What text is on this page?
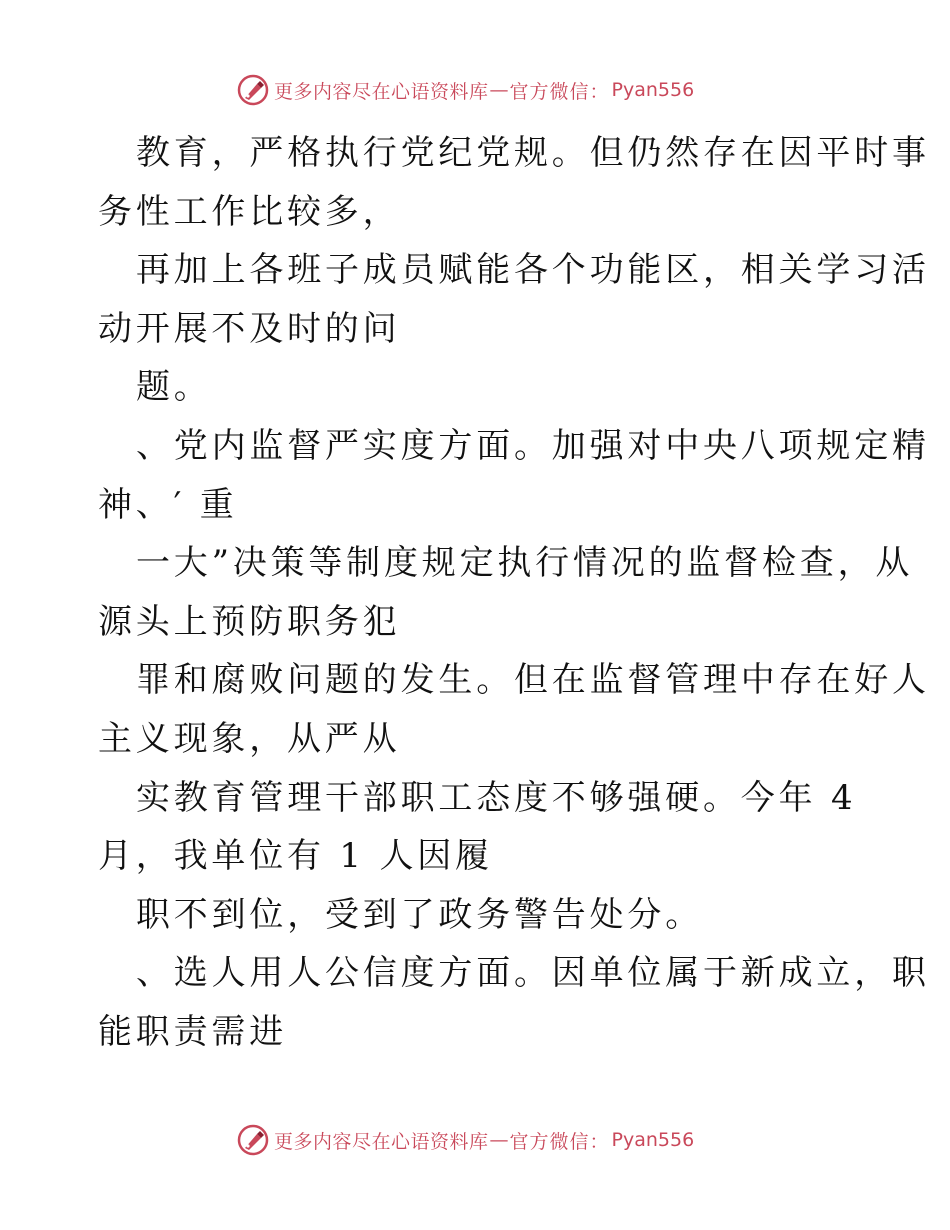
更多内容尽在心语资料库 — 官方微信： Pyan556
教育，严格执行党纪党规。但仍然存在因平时事
务性工作比较多，
再加上各班子成员赋能各个功能区，相关学习活
动开展不及时的问
题。
、党内监督严实度方面。加强对中央八项规定精
神、′ 重
一大”决策等制度规定执行情况的监督检查，从
源头上预防职务犯
罪和腐败问题的发生。但在监督管理中存在好人
主义现象，从严从
实教育管理干部职工态度不够强硬。今年 4
月，我单位有 1 人因履
职不到位，受到了政务警告处分。
、选人用人公信度方面。因单位属于新成立，职
能职责需进
更多内容尽在心语资料库 — 官方微信： Pyan556
